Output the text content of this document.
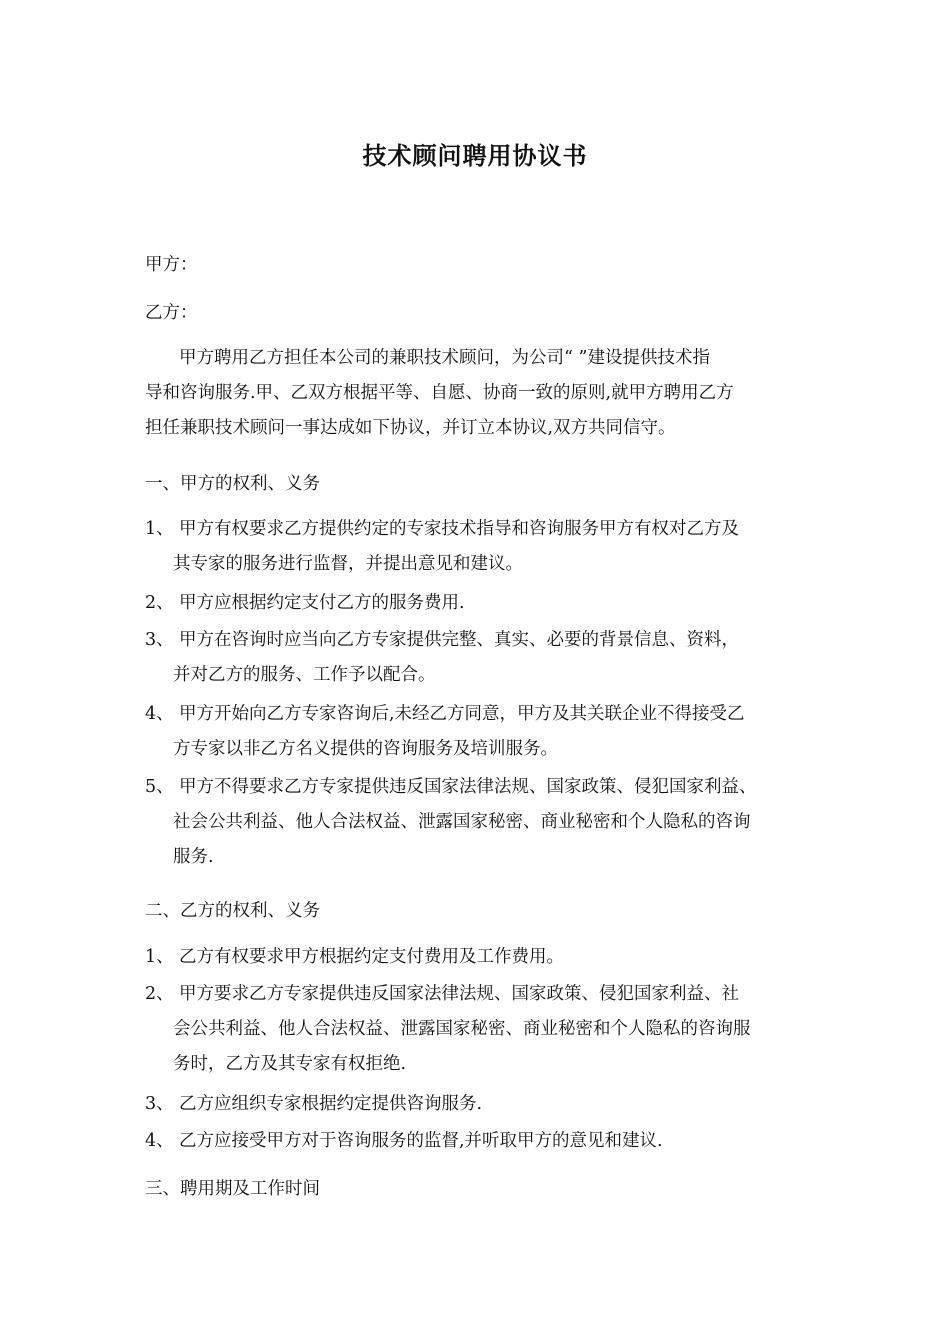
技术顾问聘用协议书
甲方：
乙方：
甲方聘用乙方担任本公司的兼职技术顾问，为公司“ ”建设提供技术指
导和咨询服务.甲、乙双方根据平等、自愿、协商一致的原则,就甲方聘用乙方
担任兼职技术顾问一事达成如下协议，并订立本协议,双方共同信守。
一、甲方的权利、义务
1、 甲方有权要求乙方提供约定的专家技术指导和咨询服务甲方有权对乙方及
其专家的服务进行监督，并提出意见和建议。
2、 甲方应根据约定支付乙方的服务费用.
3、 甲方在咨询时应当向乙方专家提供完整、真实、必要的背景信息、资料，
并对乙方的服务、工作予以配合。
4、 甲方开始向乙方专家咨询后,未经乙方同意，甲方及其关联企业不得接受乙
方专家以非乙方名义提供的咨询服务及培训服务。
5、 甲方不得要求乙方专家提供违反国家法律法规、国家政策、侵犯国家利益、
社会公共利益、他人合法权益、泄露国家秘密、商业秘密和个人隐私的咨询
服务.
二、乙方的权利、义务
1、 乙方有权要求甲方根据约定支付费用及工作费用。
2、 甲方要求乙方专家提供违反国家法律法规、国家政策、侵犯国家利益、社
会公共利益、他人合法权益、泄露国家秘密、商业秘密和个人隐私的咨询服
务时，乙方及其专家有权拒绝.
3、 乙方应组织专家根据约定提供咨询服务.
4、 乙方应接受甲方对于咨询服务的监督,并听取甲方的意见和建议.
三、聘用期及工作时间
